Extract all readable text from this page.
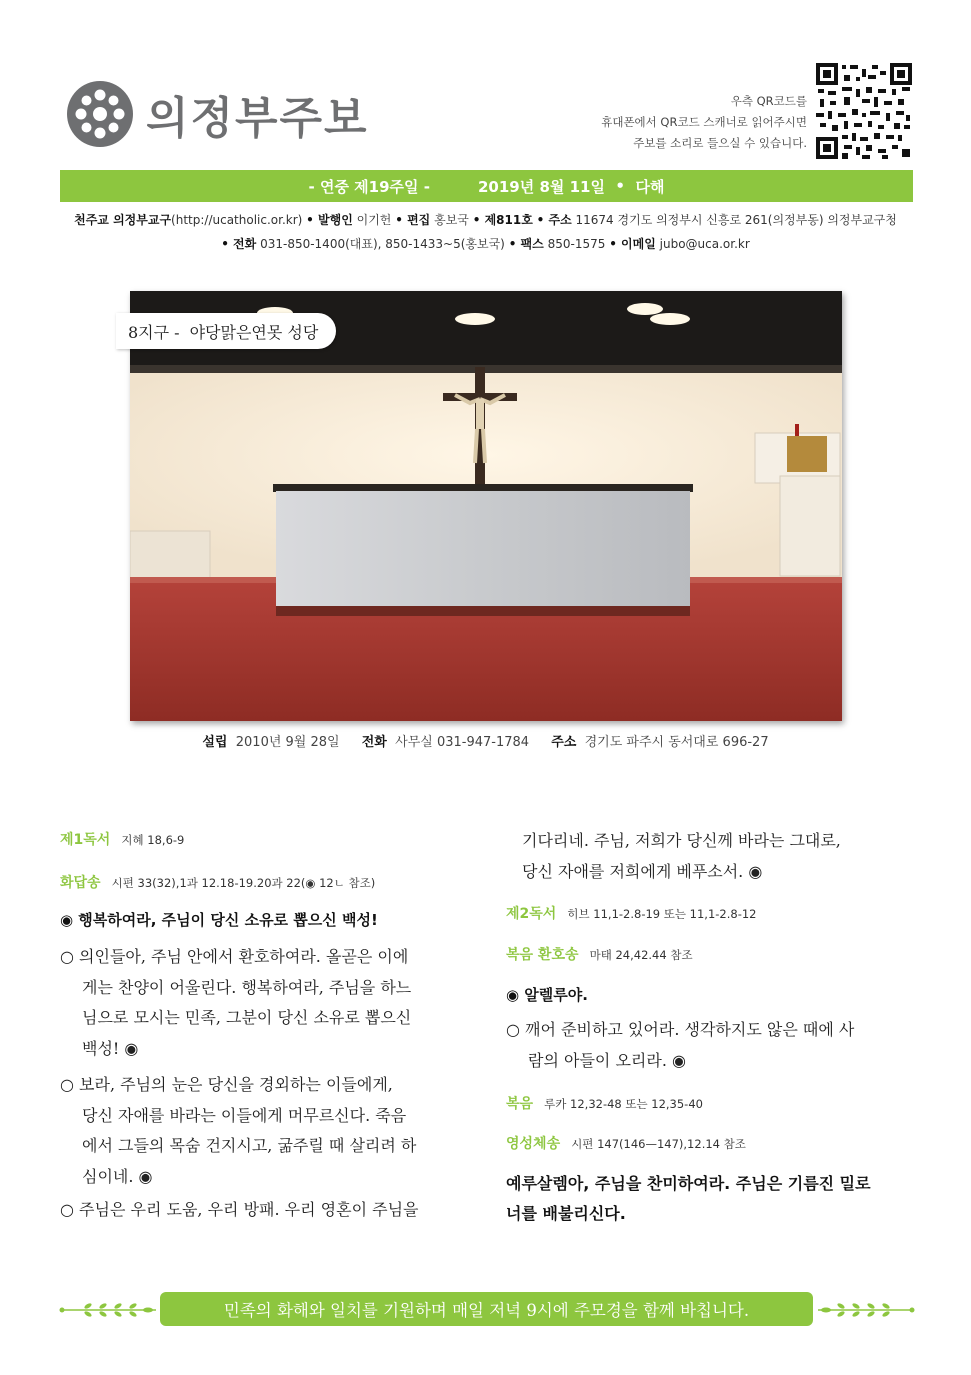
의정부주보	우측 QR코드를
휴대폰에서 QR코드 스캐너로 읽어주시면
주보를 소리로 들으실 수 있습니다.
- 연중 제19주일 -	2019년 8월 11일
•
다해
천주교 의정부교구(http://ucatholic.or.kr) • 발행인 이기헌 • 편집 홍보국 • 제811호 • 주소 11674 경기도 의정부시 신흥로 261(의정부동) 의정부교구청
• 전화 031-850-1400(대표), 850-1433~5(홍보국) • 팩스 850-1575 • 이메일 jubo@uca.or.kr
8지구 - 야당맑은연못 성당
설립 2010년 9월 28일 전화 사무실 031-947-1784 주소 경기도 파주시 동서대로 696-27
제1독서 지혜 18,6-9
화답송 시편 33(32),1과 12.18-19.20과 22(◉ 12ㄴ 참조)
◉ 행복하여라, 주님이 당신 소유로 뽑으신 백성!
○ 의인들아, 주님 안에서 환호하여라. 올곧은 이에
게는 찬양이 어울린다. 행복하여라, 주님을 하느
님으로 모시는 민족, 그분이 당신 소유로 뽑으신
백성! ◉
○ 보라, 주님의 눈은 당신을 경외하는 이들에게,
당신 자애를 바라는 이들에게 머무르신다. 죽음
에서 그들의 목숨 건지시고, 굶주릴 때 살리려 하
심이네. ◉
○ 주님은 우리 도움, 우리 방패. 우리 영혼이 주님을
기다리네. 주님, 저희가 당신께 바라는 그대로,
당신 자애를 저희에게 베푸소서. ◉
제2독서 히브 11,1-2.8-19 또는 11,1-2.8-12
복음 환호송 마태 24,42.44 참조
◉ 알렐루야.
○ 깨어 준비하고 있어라. 생각하지도 않은 때에 사
람의 아들이 오리라. ◉
복음 루카 12,32-48 또는 12,35-40
영성체송 시편 147(146—147),12.14 참조
예루살렘아, 주님을 찬미하여라. 주님은 기름진 밀로
너를 배불리신다.
민족의 화해와 일치를 기원하며 매일 저녁 9시에 주모경을 함께 바칩니다.
